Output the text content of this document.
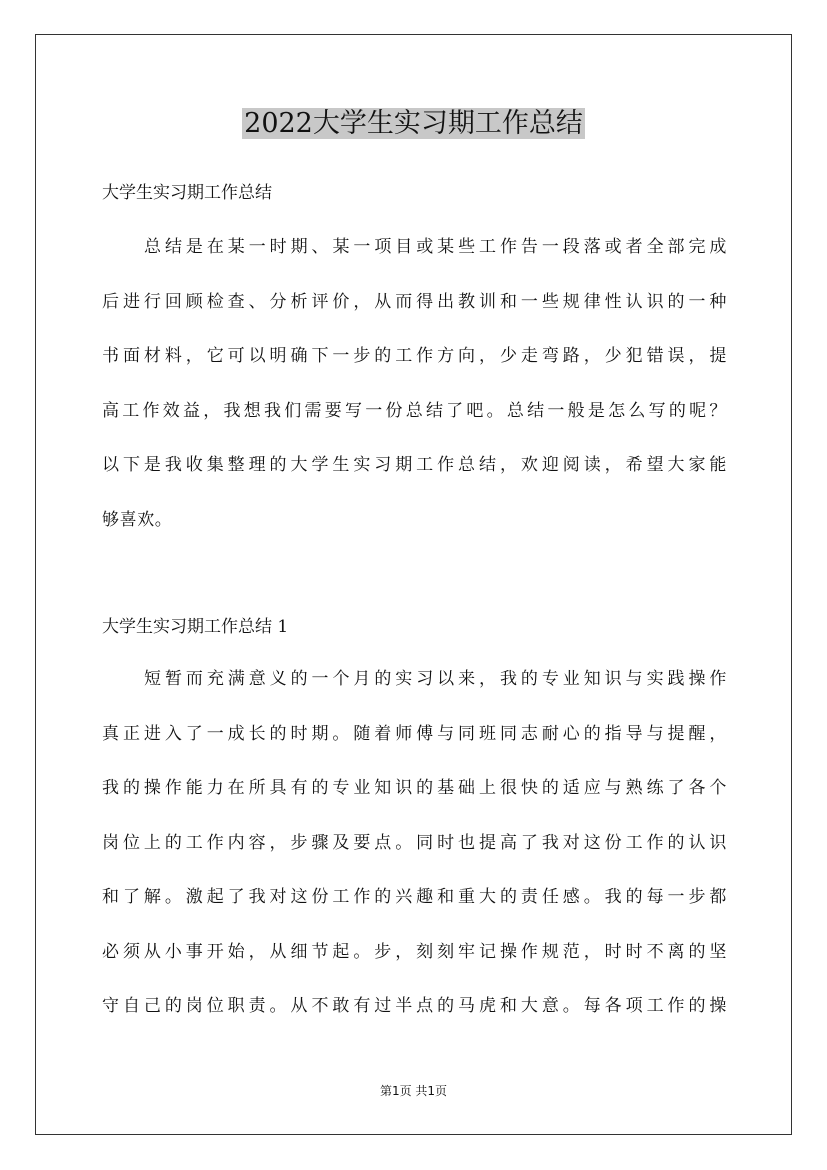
2022大学生实习期工作总结
大学生实习期工作总结
总结是在某一时期、某一项目或某些工作告一段落或者全部完成
后进行回顾检查、分析评价，从而得出教训和一些规律性认识的一种
书面材料，它可以明确下一步的工作方向，少走弯路，少犯错误，提
高工作效益，我想我们需要写一份总结了吧。总结一般是怎么写的呢？
以下是我收集整理的大学生实习期工作总结，欢迎阅读，希望大家能
够喜欢。
大学生实习期工作总结 1
短暂而充满意义的一个月的实习以来，我的专业知识与实践操作
真正进入了一成长的时期。随着师傅与同班同志耐心的指导与提醒，
我的操作能力在所具有的专业知识的基础上很快的适应与熟练了各个
岗位上的工作内容，步骤及要点。同时也提高了我对这份工作的认识
和了解。激起了我对这份工作的兴趣和重大的责任感。我的每一步都
必须从小事开始，从细节起。步，刻刻牢记操作规范，时时不离的坚
守自己的岗位职责。从不敢有过半点的马虎和大意。每各项工作的操
第1页 共1页
